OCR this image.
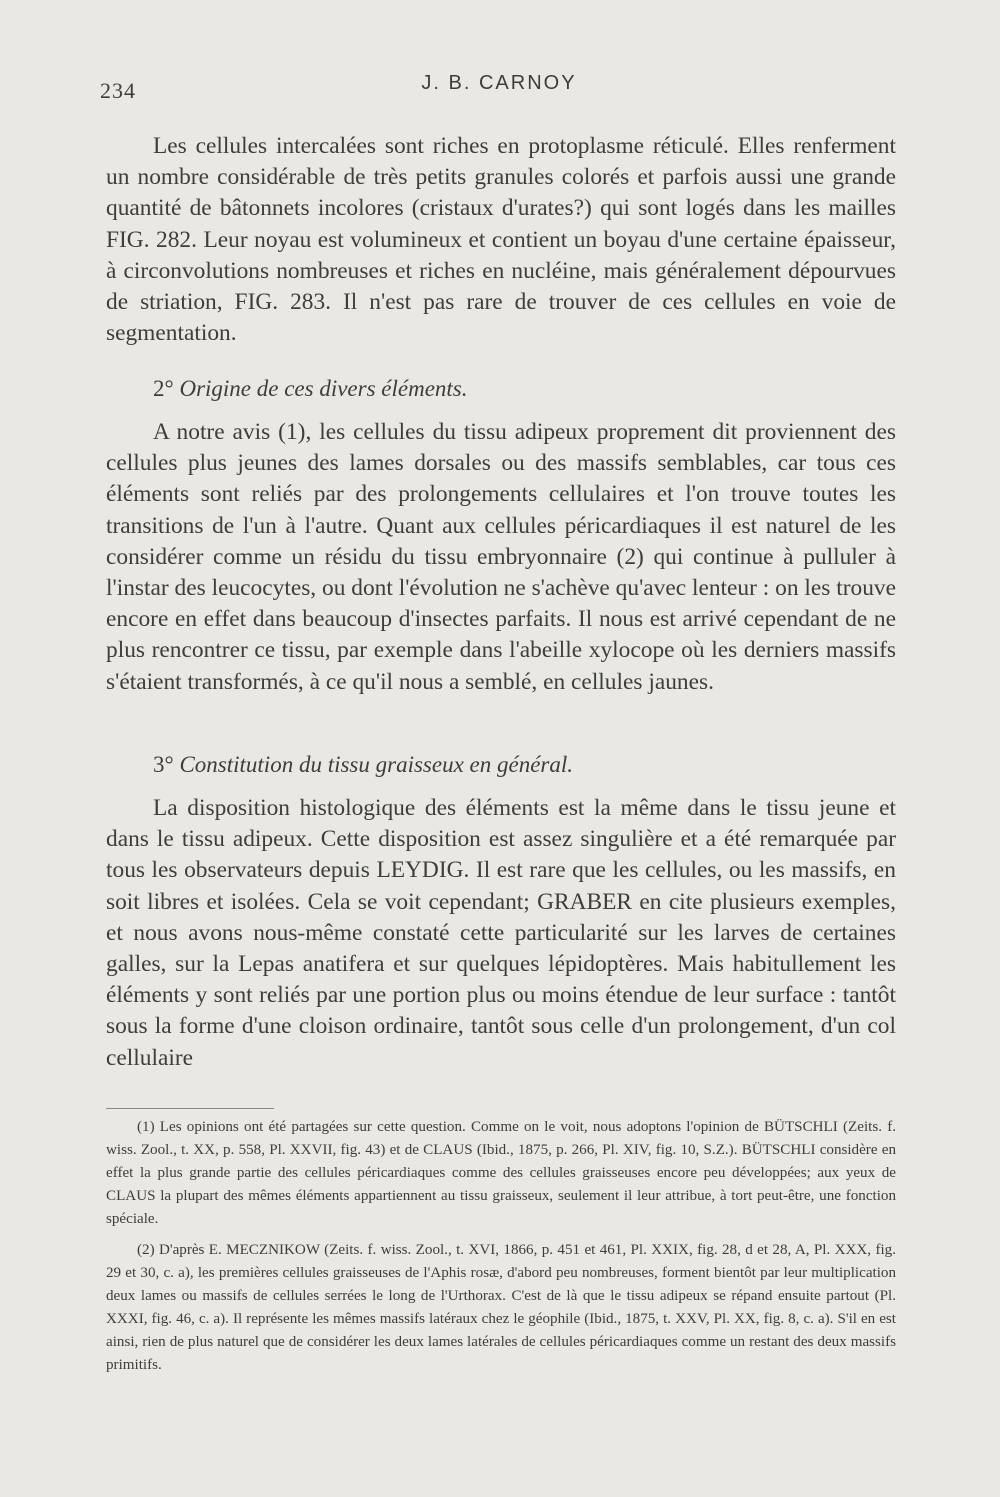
234	J. B. CARNOY

Les cellules intercalées sont riches en protoplasme réticulé. Elles renferment un nombre considérable de très petits granules colorés et parfois aussi une grande quantité de bâtonnets incolores (cristaux d'urates?) qui sont logés dans les mailles FIG. 282. Leur noyau est volumineux et contient un boyau d'une certaine épaisseur, à circonvolutions nombreuses et riches en nucléine, mais généralement dépourvues de striation, FIG. 283. Il n'est pas rare de trouver de ces cellules en voie de segmentation.

2° Origine de ces divers éléments.

A notre avis (1), les cellules du tissu adipeux proprement dit proviennent des cellules plus jeunes des lames dorsales ou des massifs semblables, car tous ces éléments sont reliés par des prolongements cellulaires et l'on trouve toutes les transitions de l'un à l'autre. Quant aux cellules péricardiaques il est naturel de les considérer comme un résidu du tissu embryonnaire (2) qui continue à pulluler à l'instar des leucocytes, ou dont l'évolution ne s'achève qu'avec lenteur : on les trouve encore en effet dans beaucoup d'insectes parfaits. Il nous est arrivé cependant de ne plus rencontrer ce tissu, par exemple dans l'abeille xylocope où les derniers massifs s'étaient transformés, à ce qu'il nous a semblé, en cellules jaunes.

3° Constitution du tissu graisseux en général.

La disposition histologique des éléments est la même dans le tissu jeune et dans le tissu adipeux. Cette disposition est assez singulière et a été remarquée par tous les observateurs depuis LEYDIG. Il est rare que les cellules, ou les massifs, en soit libres et isolées. Cela se voit cependant; GRABER en cite plusieurs exemples, et nous avons nous-même constaté cette particularité sur les larves de certaines galles, sur la Lepas anatifera et sur quelques lépidoptères. Mais habitullement les éléments y sont reliés par une portion plus ou moins étendue de leur surface : tantôt sous la forme d'une cloison ordinaire, tantôt sous celle d'un prolongement, d'un col cellulaire

(1) Les opinions ont été partagées sur cette question. Comme on le voit, nous adoptons l'opinion de BÜTSCHLI (Zeits. f. wiss. Zool., t. XX, p. 558, Pl. XXVII, fig. 43) et de CLAUS (Ibid., 1875, p. 266, Pl. XIV, fig. 10, S.Z.). BÜTSCHLI considère en effet la plus grande partie des cellules péricardiaques comme des cellules graisseuses encore peu développées; aux yeux de CLAUS la plupart des mêmes éléments appartiennent au tissu graisseux, seulement il leur attribue, à tort peut-être, une fonction spéciale.

(2) D'après E. MECZNIKOW (Zeits. f. wiss. Zool., t. XVI, 1866, p. 451 et 461, Pl. XXIX, fig. 28, d et 28, A, Pl. XXX, fig. 29 et 30, c. a), les premières cellules graisseuses de l'Aphis rosæ, d'abord peu nombreuses, forment bientôt par leur multiplication deux lames ou massifs de cellules serrées le long de l'Urthorax. C'est de là que le tissu adipeux se répand ensuite partout (Pl. XXXI, fig. 46, c. a). Il représente les mêmes massifs latéraux chez le géophile (Ibid., 1875, t. XXV, Pl. XX, fig. 8, c. a). S'il en est ainsi, rien de plus naturel que de considérer les deux lames latérales de cellules péricardiaques comme un restant des deux massifs primitifs.
